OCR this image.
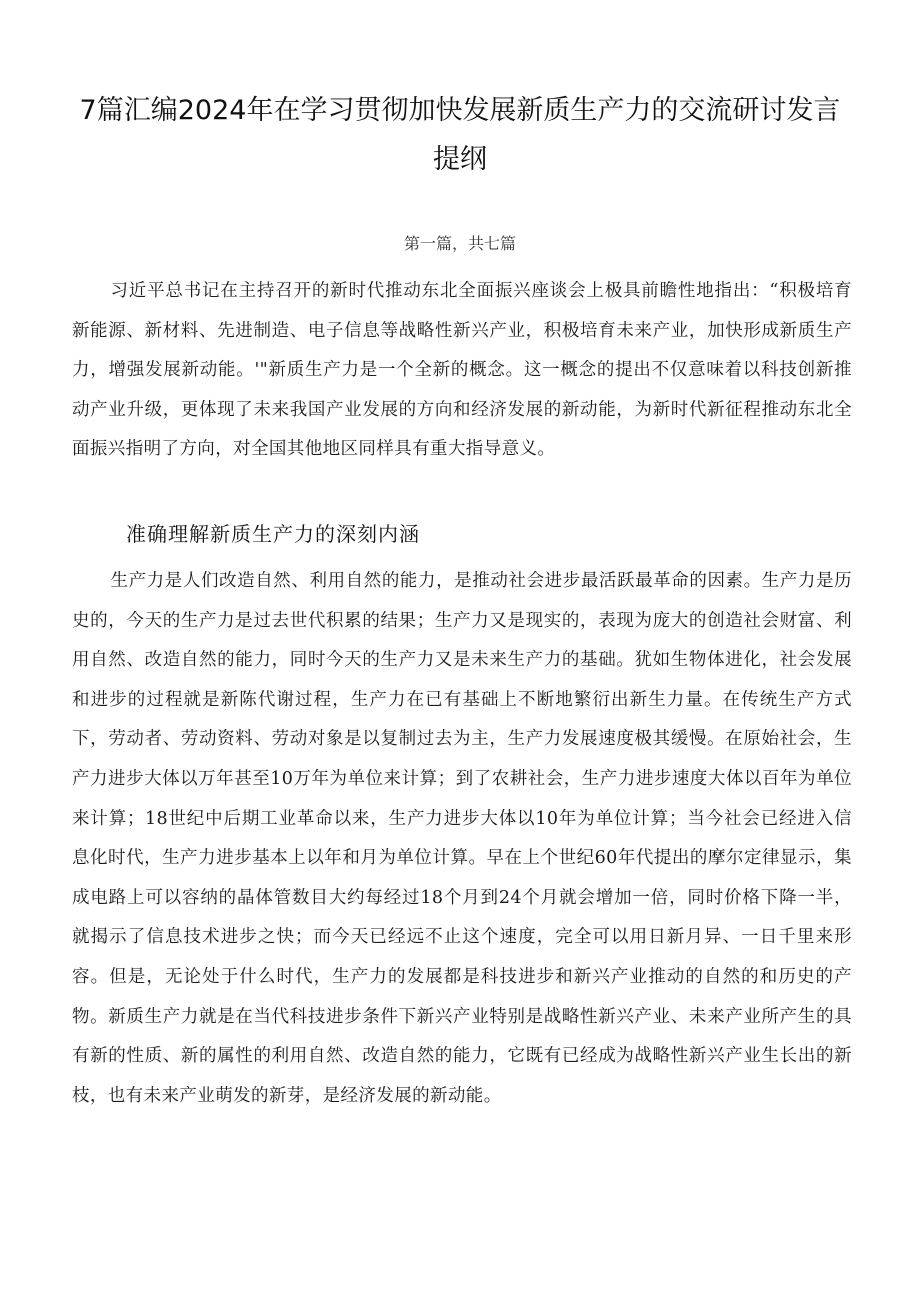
7篇汇编2024年在学习贯彻加快发展新质生产力的交流研讨发言提纲
第一篇，共七篇

习近平总书记在主持召开的新时代推动东北全面振兴座谈会上极具前瞻性地指出：“积极培育新能源、新材料、先进制造、电子信息等战略性新兴产业，积极培育未来产业，加快形成新质生产力，增强发展新动能。'"新质生产力是一个全新的概念。这一概念的提出不仅意味着以科技创新推动产业升级，更体现了未来我国产业发展的方向和经济发展的新动能，为新时代新征程推动东北全面振兴指明了方向，对全国其他地区同样具有重大指导意义。

准确理解新质生产力的深刻内涵

生产力是人们改造自然、利用自然的能力，是推动社会进步最活跃最革命的因素。生产力是历史的，今天的生产力是过去世代积累的结果；生产力又是现实的，表现为庞大的创造社会财富、利用自然、改造自然的能力，同时今天的生产力又是未来生产力的基础。犹如生物体进化，社会发展和进步的过程就是新陈代谢过程，生产力在已有基础上不断地繁衍出新生力量。在传统生产方式下，劳动者、劳动资料、劳动对象是以复制过去为主，生产力发展速度极其缓慢。在原始社会，生产力进步大体以万年甚至10万年为单位来计算；到了农耕社会，生产力进步速度大体以百年为单位来计算；18世纪中后期工业革命以来，生产力进步大体以10年为单位计算；当今社会已经进入信息化时代，生产力进步基本上以年和月为单位计算。早在上个世纪60年代提出的摩尔定律显示，集成电路上可以容纳的晶体管数目大约每经过18个月到24个月就会增加一倍，同时价格下降一半，就揭示了信息技术进步之快；而今天已经远不止这个速度，完全可以用日新月异、一日千里来形容。但是，无论处于什么时代，生产力的发展都是科技进步和新兴产业推动的自然的和历史的产物。新质生产力就是在当代科技进步条件下新兴产业特别是战略性新兴产业、未来产业所产生的具有新的性质、新的属性的利用自然、改造自然的能力，它既有已经成为战略性新兴产业生长出的新枝，也有未来产业萌发的新芽，是经济发展的新动能。
